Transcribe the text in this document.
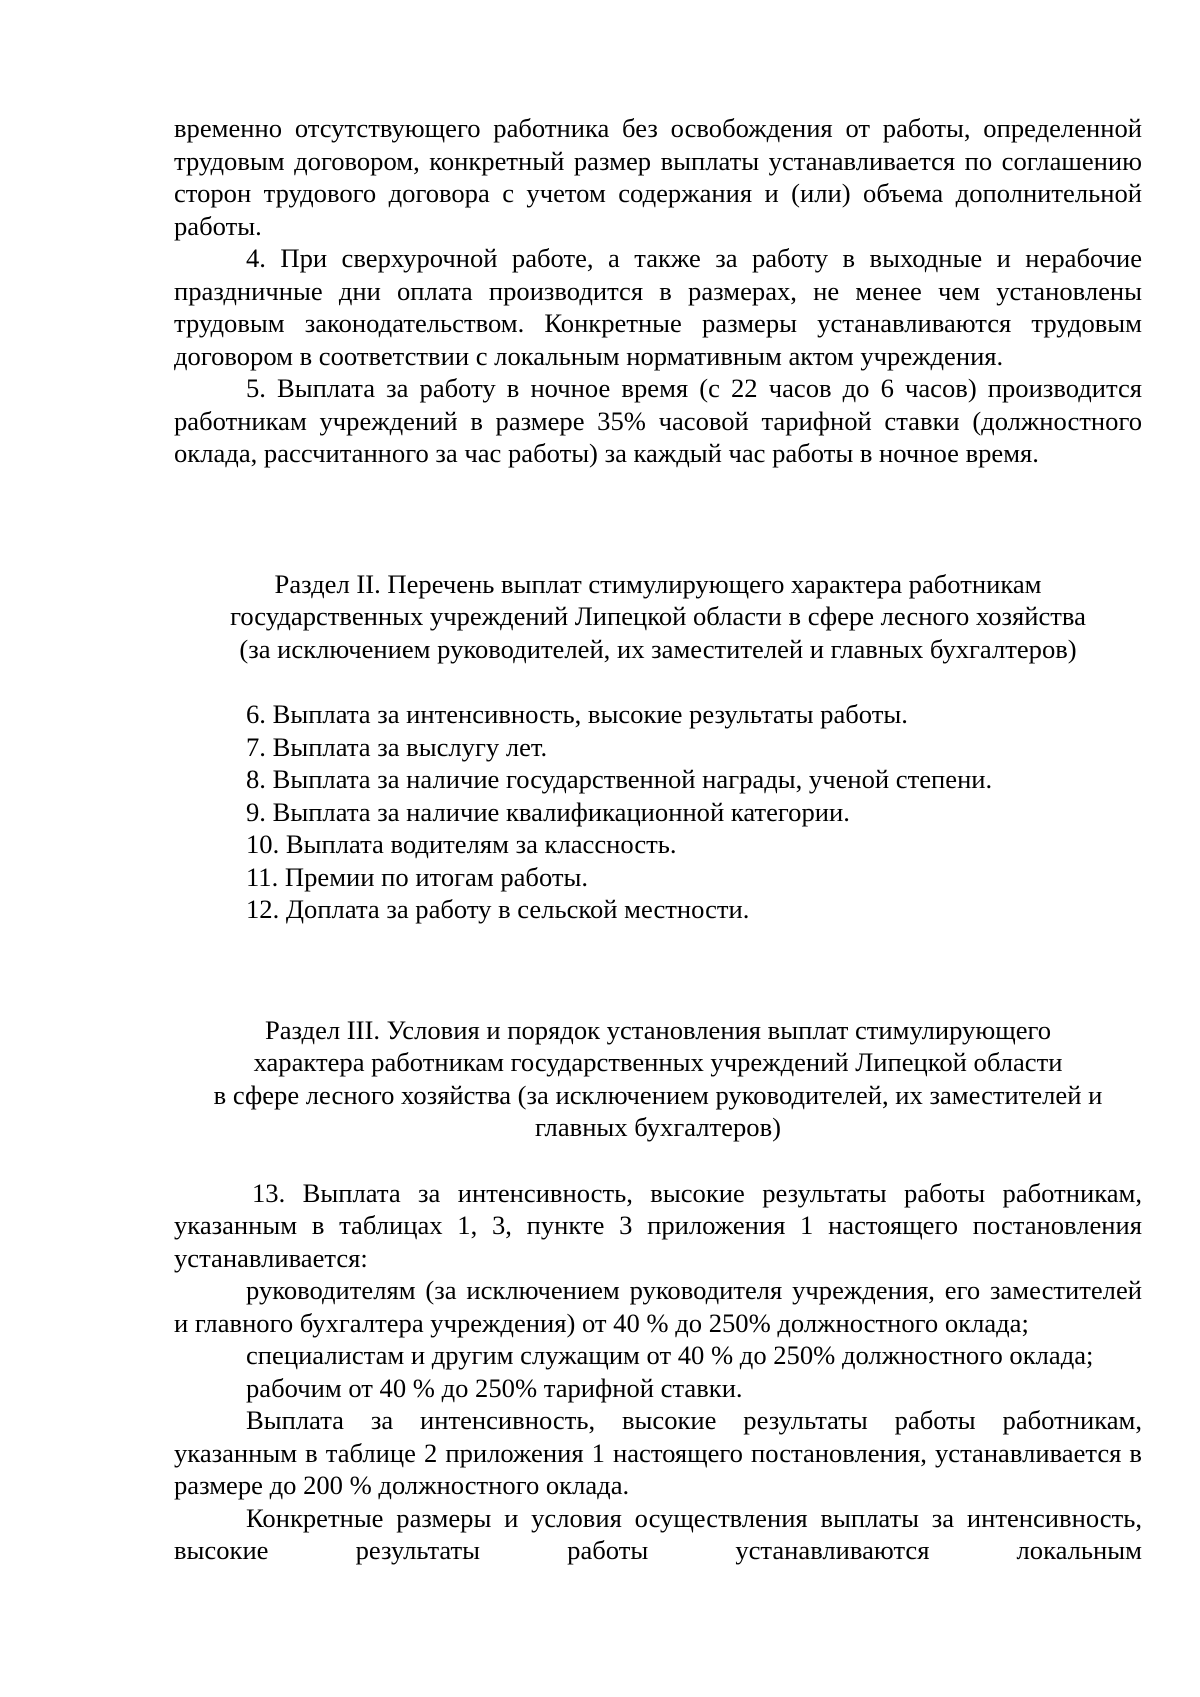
временно отсутствующего работника без освобождения от работы, определенной трудовым договором, конкретный размер выплаты устанавливается по соглашению сторон трудового договора с учетом содержания и (или) объема дополнительной работы.

4. При сверхурочной работе, а также за работу в выходные и нерабочие праздничные дни оплата производится в размерах, не менее чем установлены трудовым законодательством. Конкретные размеры устанавливаются трудовым договором в соответствии с локальным нормативным актом учреждения.

5. Выплата за работу в ночное время (с 22 часов до 6 часов) производится работникам учреждений в размере 35% часовой тарифной ставки (должностного оклада, рассчитанного за час работы) за каждый час работы в ночное время.

Раздел II. Перечень выплат стимулирующего характера работникам

государственных учреждений Липецкой области в сфере лесного хозяйства

(за исключением руководителей, их заместителей и главных бухгалтеров)

6. Выплата за интенсивность, высокие результаты работы.

7. Выплата за выслугу лет.

8. Выплата за наличие государственной награды, ученой степени.

9. Выплата за наличие квалификационной категории.

10. Выплата водителям за классность.

11. Премии по итогам работы.

12. Доплата за работу в сельской местности.

Раздел III. Условия и порядок установления выплат стимулирующего

характера работникам государственных учреждений Липецкой области

в сфере лесного хозяйства (за исключением руководителей, их заместителей и

главных бухгалтеров)

13. Выплата за интенсивность, высокие результаты работы работникам, указанным в таблицах 1, 3, пункте 3 приложения 1 настоящего постановления устанавливается:

руководителям (за исключением руководителя учреждения, его заместителей и главного бухгалтера учреждения) от 40 % до 250% должностного оклада;

специалистам и другим служащим от 40 % до 250% должностного оклада;

рабочим от 40 % до 250% тарифной ставки.

Выплата за интенсивность, высокие результаты работы работникам, указанным в таблице 2 приложения 1 настоящего постановления, устанавливается в размере до 200 % должностного оклада.

Конкретные размеры и условия осуществления выплаты за интенсивность, высокие результаты работы устанавливаются локальным
